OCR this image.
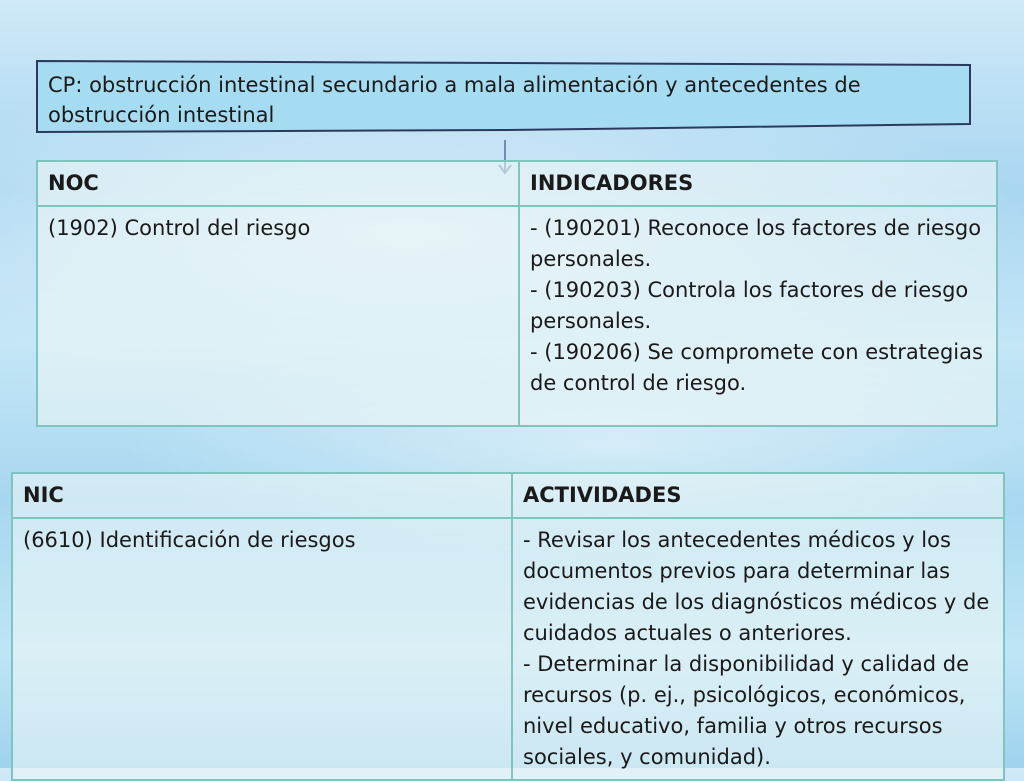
CP: obstrucción intestinal secundario a mala alimentación y antecedentes de obstrucción intestinal
NOC	INDICADORES
(1902) Control del riesgo	- (190201) Reconoce los factores de riesgo personales.
- (190203) Controla los factores de riesgo personales.
- (190206) Se compromete con estrategias de control de riesgo.
NIC	ACTIVIDADES
(6610) Identificación de riesgos	- Revisar los antecedentes médicos y los documentos previos para determinar las evidencias de los diagnósticos médicos y de cuidados actuales o anteriores.
- Determinar la disponibilidad y calidad de recursos (p. ej., psicológicos, económicos, nivel educativo, familia y otros recursos sociales, y comunidad).
